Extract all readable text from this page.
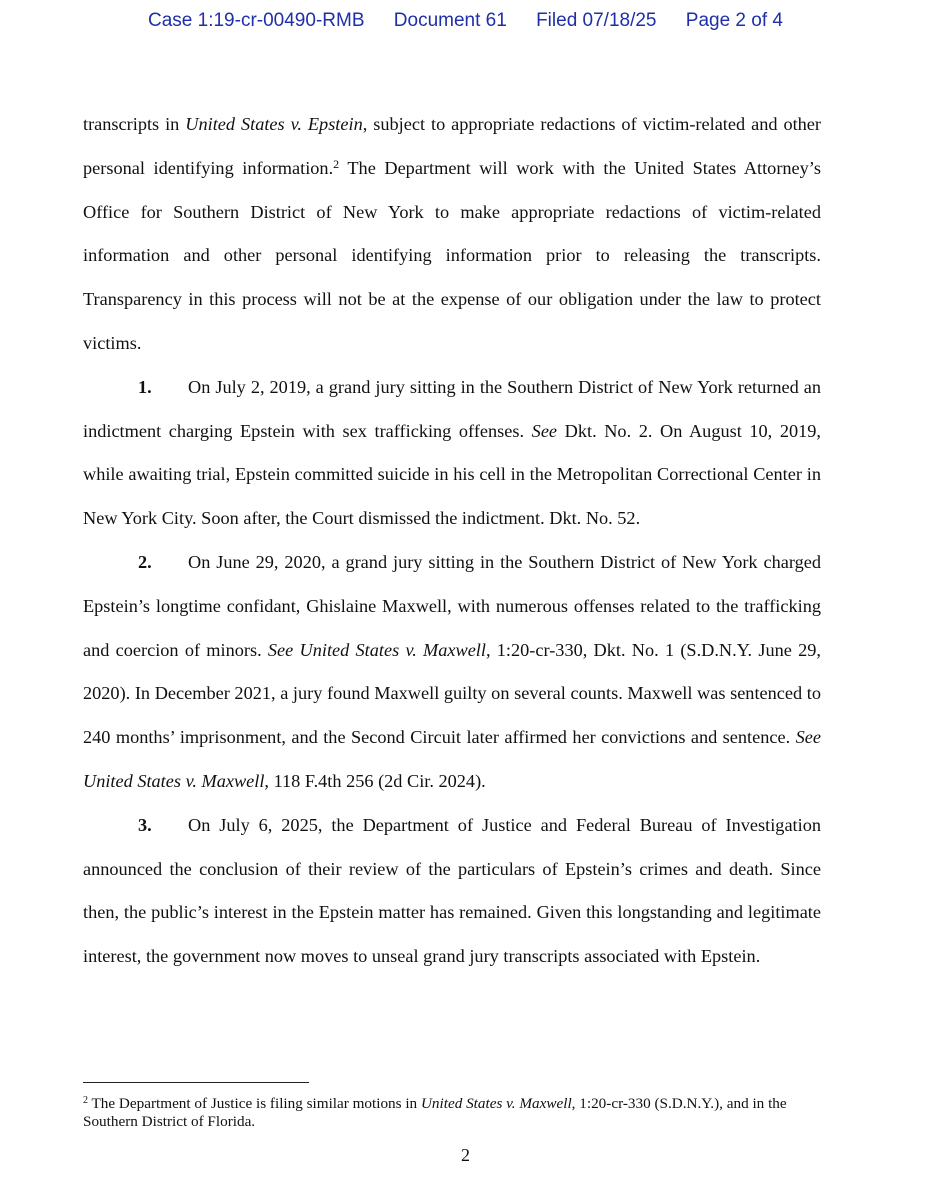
Case 1:19-cr-00490-RMB Document 61 Filed 07/18/25 Page 2 of 4

transcripts in United States v. Epstein, subject to appropriate redactions of victim-related and other personal identifying information.$^2$ The Department will work with the United States Attorney’s Office for Southern District of New York to make appropriate redactions of victim-related information and other personal identifying information prior to releasing the transcripts. Transparency in this process will not be at the expense of our obligation under the law to protect victims.

1. On July 2, 2019, a grand jury sitting in the Southern District of New York returned an indictment charging Epstein with sex trafficking offenses. See Dkt. No. 2. On August 10, 2019, while awaiting trial, Epstein committed suicide in his cell in the Metropolitan Correctional Center in New York City. Soon after, the Court dismissed the indictment. Dkt. No. 52.

2. On June 29, 2020, a grand jury sitting in the Southern District of New York charged Epstein’s longtime confidant, Ghislaine Maxwell, with numerous offenses related to the trafficking and coercion of minors. See United States v. Maxwell, 1:20-cr-330, Dkt. No. 1 (S.D.N.Y. June 29, 2020). In December 2021, a jury found Maxwell guilty on several counts. Maxwell was sentenced to 240 months’ imprisonment, and the Second Circuit later affirmed her convictions and sentence. See United States v. Maxwell, 118 F.4th 256 (2d Cir. 2024).

3. On July 6, 2025, the Department of Justice and Federal Bureau of Investigation announced the conclusion of their review of the particulars of Epstein’s crimes and death. Since then, the public’s interest in the Epstein matter has remained. Given this longstanding and legitimate interest, the government now moves to unseal grand jury transcripts associated with Epstein.

$^2$ The Department of Justice is filing similar motions in United States v. Maxwell, 1:20-cr-330 (S.D.N.Y.), and in the Southern District of Florida.
2
